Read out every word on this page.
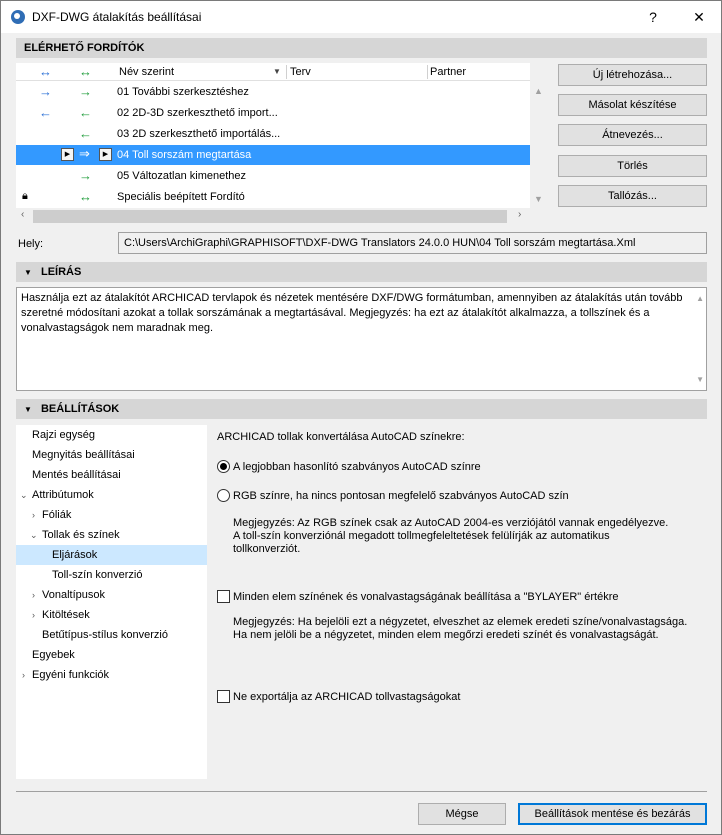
DXF-DWG átalakítás beállításai	?	✕
ELÉRHETŐ FORDÍTÓK
↔ ↔ Név szerint	▼ Terv	Partner
→ → 01 További szerkesztéshez
← ← 02 2D-3D szerkeszthető import...
← 03 2D szerkeszthető importálás...
▶ ⇒	▶ 04 Toll sorszám megtartása
→ 05 Változatlan kimenethez
🔒︎	↔ Speciális beépített Fordító
▲
▼
‹	›
Új létrehozása...
Másolat készítése
Átnevezés...
Törlés
Tallózás...
Hely:	C:\Users\ArchiGraphi\GRAPHISOFT\DXF-DWG Translators 24.0.0 HUN\04 Toll sorszám megtartása.Xml
▼ LEÍRÁS
Használja ezt az átalakítót ARCHICAD tervlapok és nézetek mentésére DXF/DWG formátumban, amennyiben az átalakítás után tovább szeretné módosítani azokat a tollak sorszámának a megtartásával. Megjegyzés: ha ezt az átalakítót alkalmazza, a tollszínek és a vonalvastagságok nem maradnak meg.
▲
▼
▼ BEÁLLÍTÁSOK
Rajzi egység
Megnyitás beállításai
Mentés beállításai
⌄ Attribútumok
› Fóliák
⌄ Tollak és színek
Eljárások
Toll-szín konverzió
› Vonaltípusok
› Kitöltések
Betűtípus-stílus konverzió
Egyebek
› Egyéni funkciók
ARCHICAD tollak konvertálása AutoCAD színekre:
A legjobban hasonlító szabványos AutoCAD színre
RGB színre, ha nincs pontosan megfelelő szabványos AutoCAD szín
Megjegyzés: Az RGB színek csak az AutoCAD 2004-es verziójától vannak engedélyezve.
A toll-szín konverziónál megadott tollmegfeleltetések felülírják az automatikus
tollkonverziót.
Minden elem színének és vonalvastagságának beállítása a "BYLAYER" értékre
Megjegyzés: Ha bejelöli ezt a négyzetet, elveszhet az elemek eredeti színe/vonalvastagsága.
Ha nem jelöli be a négyzetet, minden elem megőrzi eredeti színét és vonalvastagságát.
Ne exportálja az ARCHICAD tollvastagságokat
Mégse	Beállítások mentése és bezárás
